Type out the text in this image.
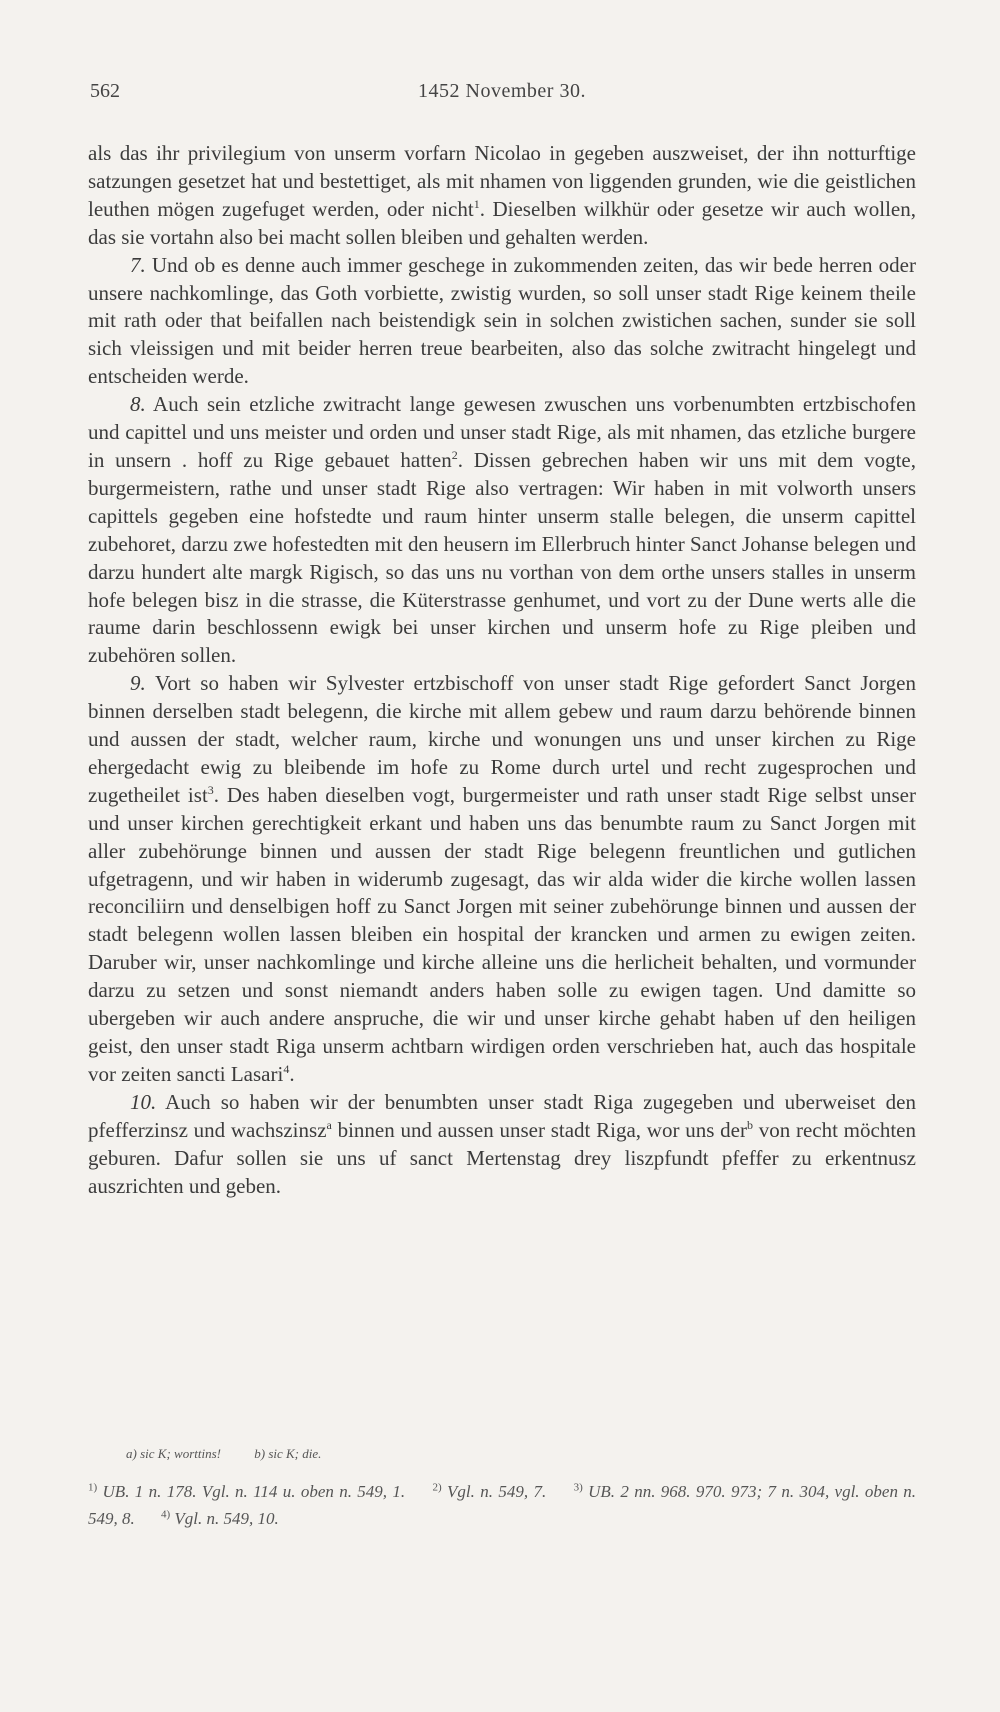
562	1452 November 30.

als das ihr privilegium von unserm vorfarn Nicolao in gegeben auszweiset, der ihn notturftige satzungen gesetzet hat und bestettiget, als mit nhamen von liggenden grunden, wie die geistlichen leuthen mögen zugefuget werden, oder nicht$^1$. Dieselben wilkhür oder gesetze wir auch wollen, das sie vortahn also bei macht sollen bleiben und gehalten werden.

7. Und ob es denne auch immer geschege in zukommenden zeiten, das wir bede herren oder unsere nachkomlinge, das Goth vorbiette, zwistig wurden, so soll unser stadt Rige keinem theile mit rath oder that beifallen nach beistendigk sein in solchen zwistichen sachen, sunder sie soll sich vleissigen und mit beider herren treue bearbeiten, also das solche zwitracht hingelegt und entscheiden werde.

8. Auch sein etzliche zwitracht lange gewesen zwuschen uns vorbenumbten ertzbischofen und capittel und uns meister und orden und unser stadt Rige, als mit nhamen, das etzliche burgere in unsern . hoff zu Rige gebauet hatten$^2$. Dissen gebrechen haben wir uns mit dem vogte, burgermeistern, rathe und unser stadt Rige also vertragen: Wir haben in mit volworth unsers capittels gegeben eine hofstedte und raum hinter unserm stalle belegen, die unserm capittel zubehoret, darzu zwe hofestedten mit den heusern im Ellerbruch hinter Sanct Johanse belegen und darzu hundert alte margk Rigisch, so das uns nu vorthan von dem orthe unsers stalles in unserm hofe belegen bisz in die strasse, die Küterstrasse genhumet, und vort zu der Dune werts alle die raume darin beschlossenn ewigk bei unser kirchen und unserm hofe zu Rige pleiben und zubehören sollen.

9. Vort so haben wir Sylvester ertzbischoff von unser stadt Rige gefordert Sanct Jorgen binnen derselben stadt belegenn, die kirche mit allem gebew und raum darzu behörende binnen und aussen der stadt, welcher raum, kirche und wonungen uns und unser kirchen zu Rige ehergedacht ewig zu bleibende im hofe zu Rome durch urtel und recht zugesprochen und zugetheilet ist$^3$. Des haben dieselben vogt, burgermeister und rath unser stadt Rige selbst unser und unser kirchen gerechtigkeit erkant und haben uns das benumbte raum zu Sanct Jorgen mit aller zubehörunge binnen und aussen der stadt Rige belegenn freuntlichen und gutlichen ufgetragenn, und wir haben in widerumb zugesagt, das wir alda wider die kirche wollen lassen reconciliirn und denselbigen hoff zu Sanct Jorgen mit seiner zubehörunge binnen und aussen der stadt belegenn wollen lassen bleiben ein hospital der krancken und armen zu ewigen zeiten. Daruber wir, unser nachkomlinge und kirche alleine uns die herlicheit behalten, und vormunder darzu zu setzen und sonst niemandt anders haben solle zu ewigen tagen. Und damitte so ubergeben wir auch andere anspruche, die wir und unser kirche gehabt haben uf den heiligen geist, den unser stadt Riga unserm achtbarn wirdigen orden verschrieben hat, auch das hospitale vor zeiten sancti Lasari$^4$.

10. Auch so haben wir der benumbten unser stadt Riga zugegeben und uberweiset den pfefferzinsz und wachszinsz$^a$ binnen und aussen unser stadt Riga, wor uns der$^b$ von recht möchten geburen. Dafur sollen sie uns uf sanct Mertenstag drey liszpfundt pfeffer zu erkentnusz auszrichten und geben.

a) sic K; worttins!	b) sic K; die.
$^{1)}$ UB. 1 n. 178. Vgl. n. 114 u. oben n. 549, 1. $^{2)}$ Vgl. n. 549, 7. $^{3)}$ UB. 2 nn. 968. 970. 973; 7 n. 304, vgl. oben n. 549, 8. $^{4)}$ Vgl. n. 549, 10.
